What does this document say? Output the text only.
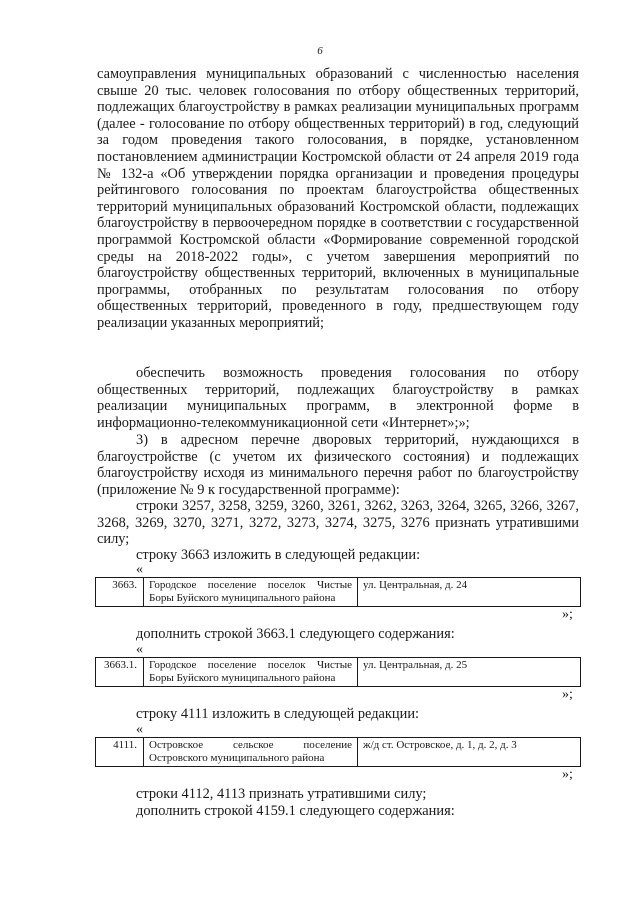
6

самоуправления муниципальных образований с численностью населения свыше 20 тыс. человек голосования по отбору общественных территорий, подлежащих благоустройству в рамках реализации муниципальных программ (далее - голосование по отбору общественных территорий) в год, следующий за годом проведения такого голосования, в порядке, установленном постановлением администрации Костромской области от 24 апреля 2019 года № 132-а «Об утверждении порядка организации и проведения процедуры рейтингового голосования по проектам благоустройства общественных территорий муниципальных образований Костромской области, подлежащих благоустройству в первоочередном порядке в соответствии с государственной программой Костромской области «Формирование современной городской среды на 2018-2022 годы», с учетом завершения мероприятий по благоустройству общественных территорий, включенных в муниципальные программы, отобранных по результатам голосования по отбору общественных территорий, проведенного в году, предшествующем году реализации указанных мероприятий;

обеспечить возможность проведения голосования по отбору общественных территорий, подлежащих благоустройству в рамках реализации муниципальных программ, в электронной форме в информационно-телекоммуникационной сети «Интернет»;»;

3) в адресном перечне дворовых территорий, нуждающихся в благоустройстве (с учетом их физического состояния) и подлежащих благоустройству исходя из минимального перечня работ по благоустройству (приложение № 9 к государственной программе):

строки 3257, 3258, 3259, 3260, 3261, 3262, 3263, 3264, 3265, 3266, 3267, 3268, 3269, 3270, 3271, 3272, 3273, 3274, 3275, 3276 признать утратившими силу;

строку 3663 изложить в следующей редакции:

«
3663.	Городское поселение поселок Чистые Боры Буйского муниципального района	ул. Центральная, д. 24
»;

дополнить строкой 3663.1 следующего содержания:

«
3663.1.	Городское поселение поселок Чистые Боры Буйского муниципального района	ул. Центральная, д. 25
»;

строку 4111 изложить в следующей редакции:

«
4111.	Островское сельское поселение Островского муниципального района	ж/д ст. Островское, д. 1, д. 2, д. 3
»;

строки 4112, 4113 признать утратившими силу;

дополнить строкой 4159.1 следующего содержания:
